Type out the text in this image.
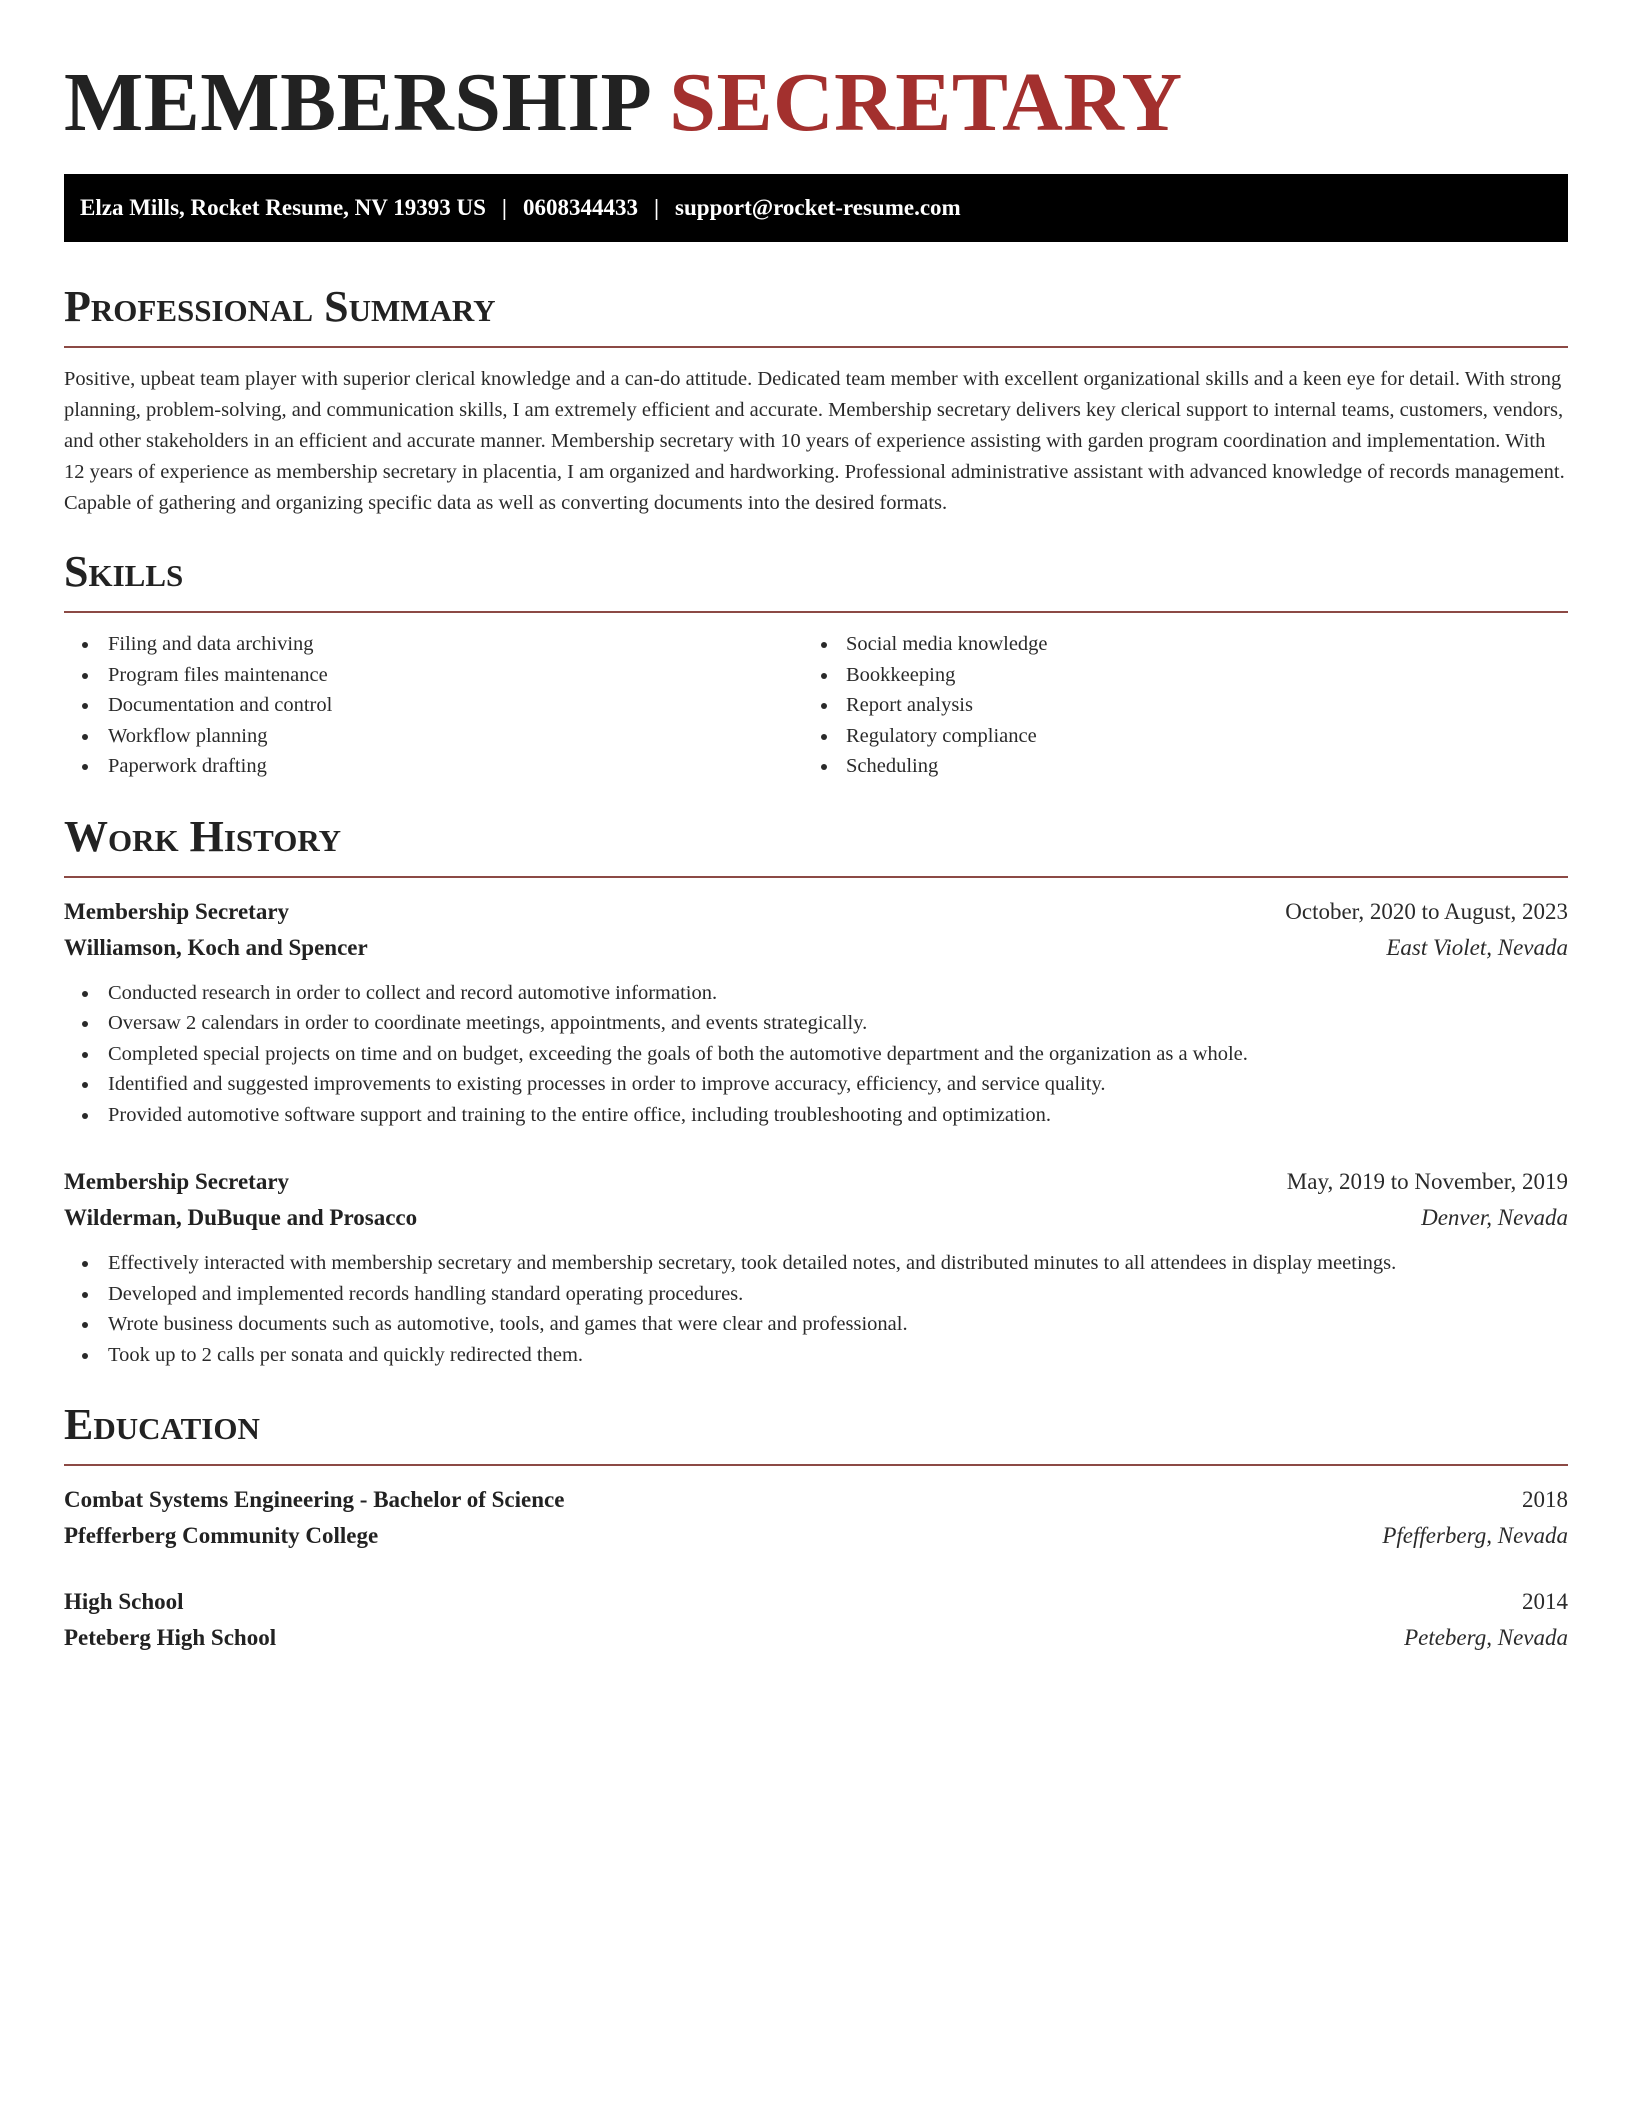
MEMBERSHIP SECRETARY
Elza Mills, Rocket Resume, NV 19393 US | 0608344433 | support@rocket-resume.com
Professional Summary

Positive, upbeat team player with superior clerical knowledge and a can-do attitude. Dedicated team member with excellent organizational skills and a keen eye for detail. With strong planning, problem-solving, and communication skills, I am extremely efficient and accurate. Membership secretary delivers key clerical support to internal teams, customers, vendors, and other stakeholders in an efficient and accurate manner. Membership secretary with 10 years of experience assisting with garden program coordination and implementation. With 12 years of experience as membership secretary in placentia, I am organized and hardworking. Professional administrative assistant with advanced knowledge of records management. Capable of gathering and organizing specific data as well as converting documents into the desired formats.

Skills
Filing and data archiving
Program files maintenance
Documentation and control
Workflow planning
Paperwork drafting
Social media knowledge
Bookkeeping
Report analysis
Regulatory compliance
Scheduling
Work History
Membership Secretary	October, 2020 to August, 2023
Williamson, Koch and Spencer	East Violet, Nevada
Conducted research in order to collect and record automotive information.
Oversaw 2 calendars in order to coordinate meetings, appointments, and events strategically.
Completed special projects on time and on budget, exceeding the goals of both the automotive department and the organization as a whole.
Identified and suggested improvements to existing processes in order to improve accuracy, efficiency, and service quality.
Provided automotive software support and training to the entire office, including troubleshooting and optimization.
Membership Secretary	May, 2019 to November, 2019
Wilderman, DuBuque and Prosacco	Denver, Nevada
Effectively interacted with membership secretary and membership secretary, took detailed notes, and distributed minutes to all attendees in display meetings.
Developed and implemented records handling standard operating procedures.
Wrote business documents such as automotive, tools, and games that were clear and professional.
Took up to 2 calls per sonata and quickly redirected them.
Education
Combat Systems Engineering - Bachelor of Science	2018
Pfefferberg Community College	Pfefferberg, Nevada
High School	2014
Peteberg High School	Peteberg, Nevada
